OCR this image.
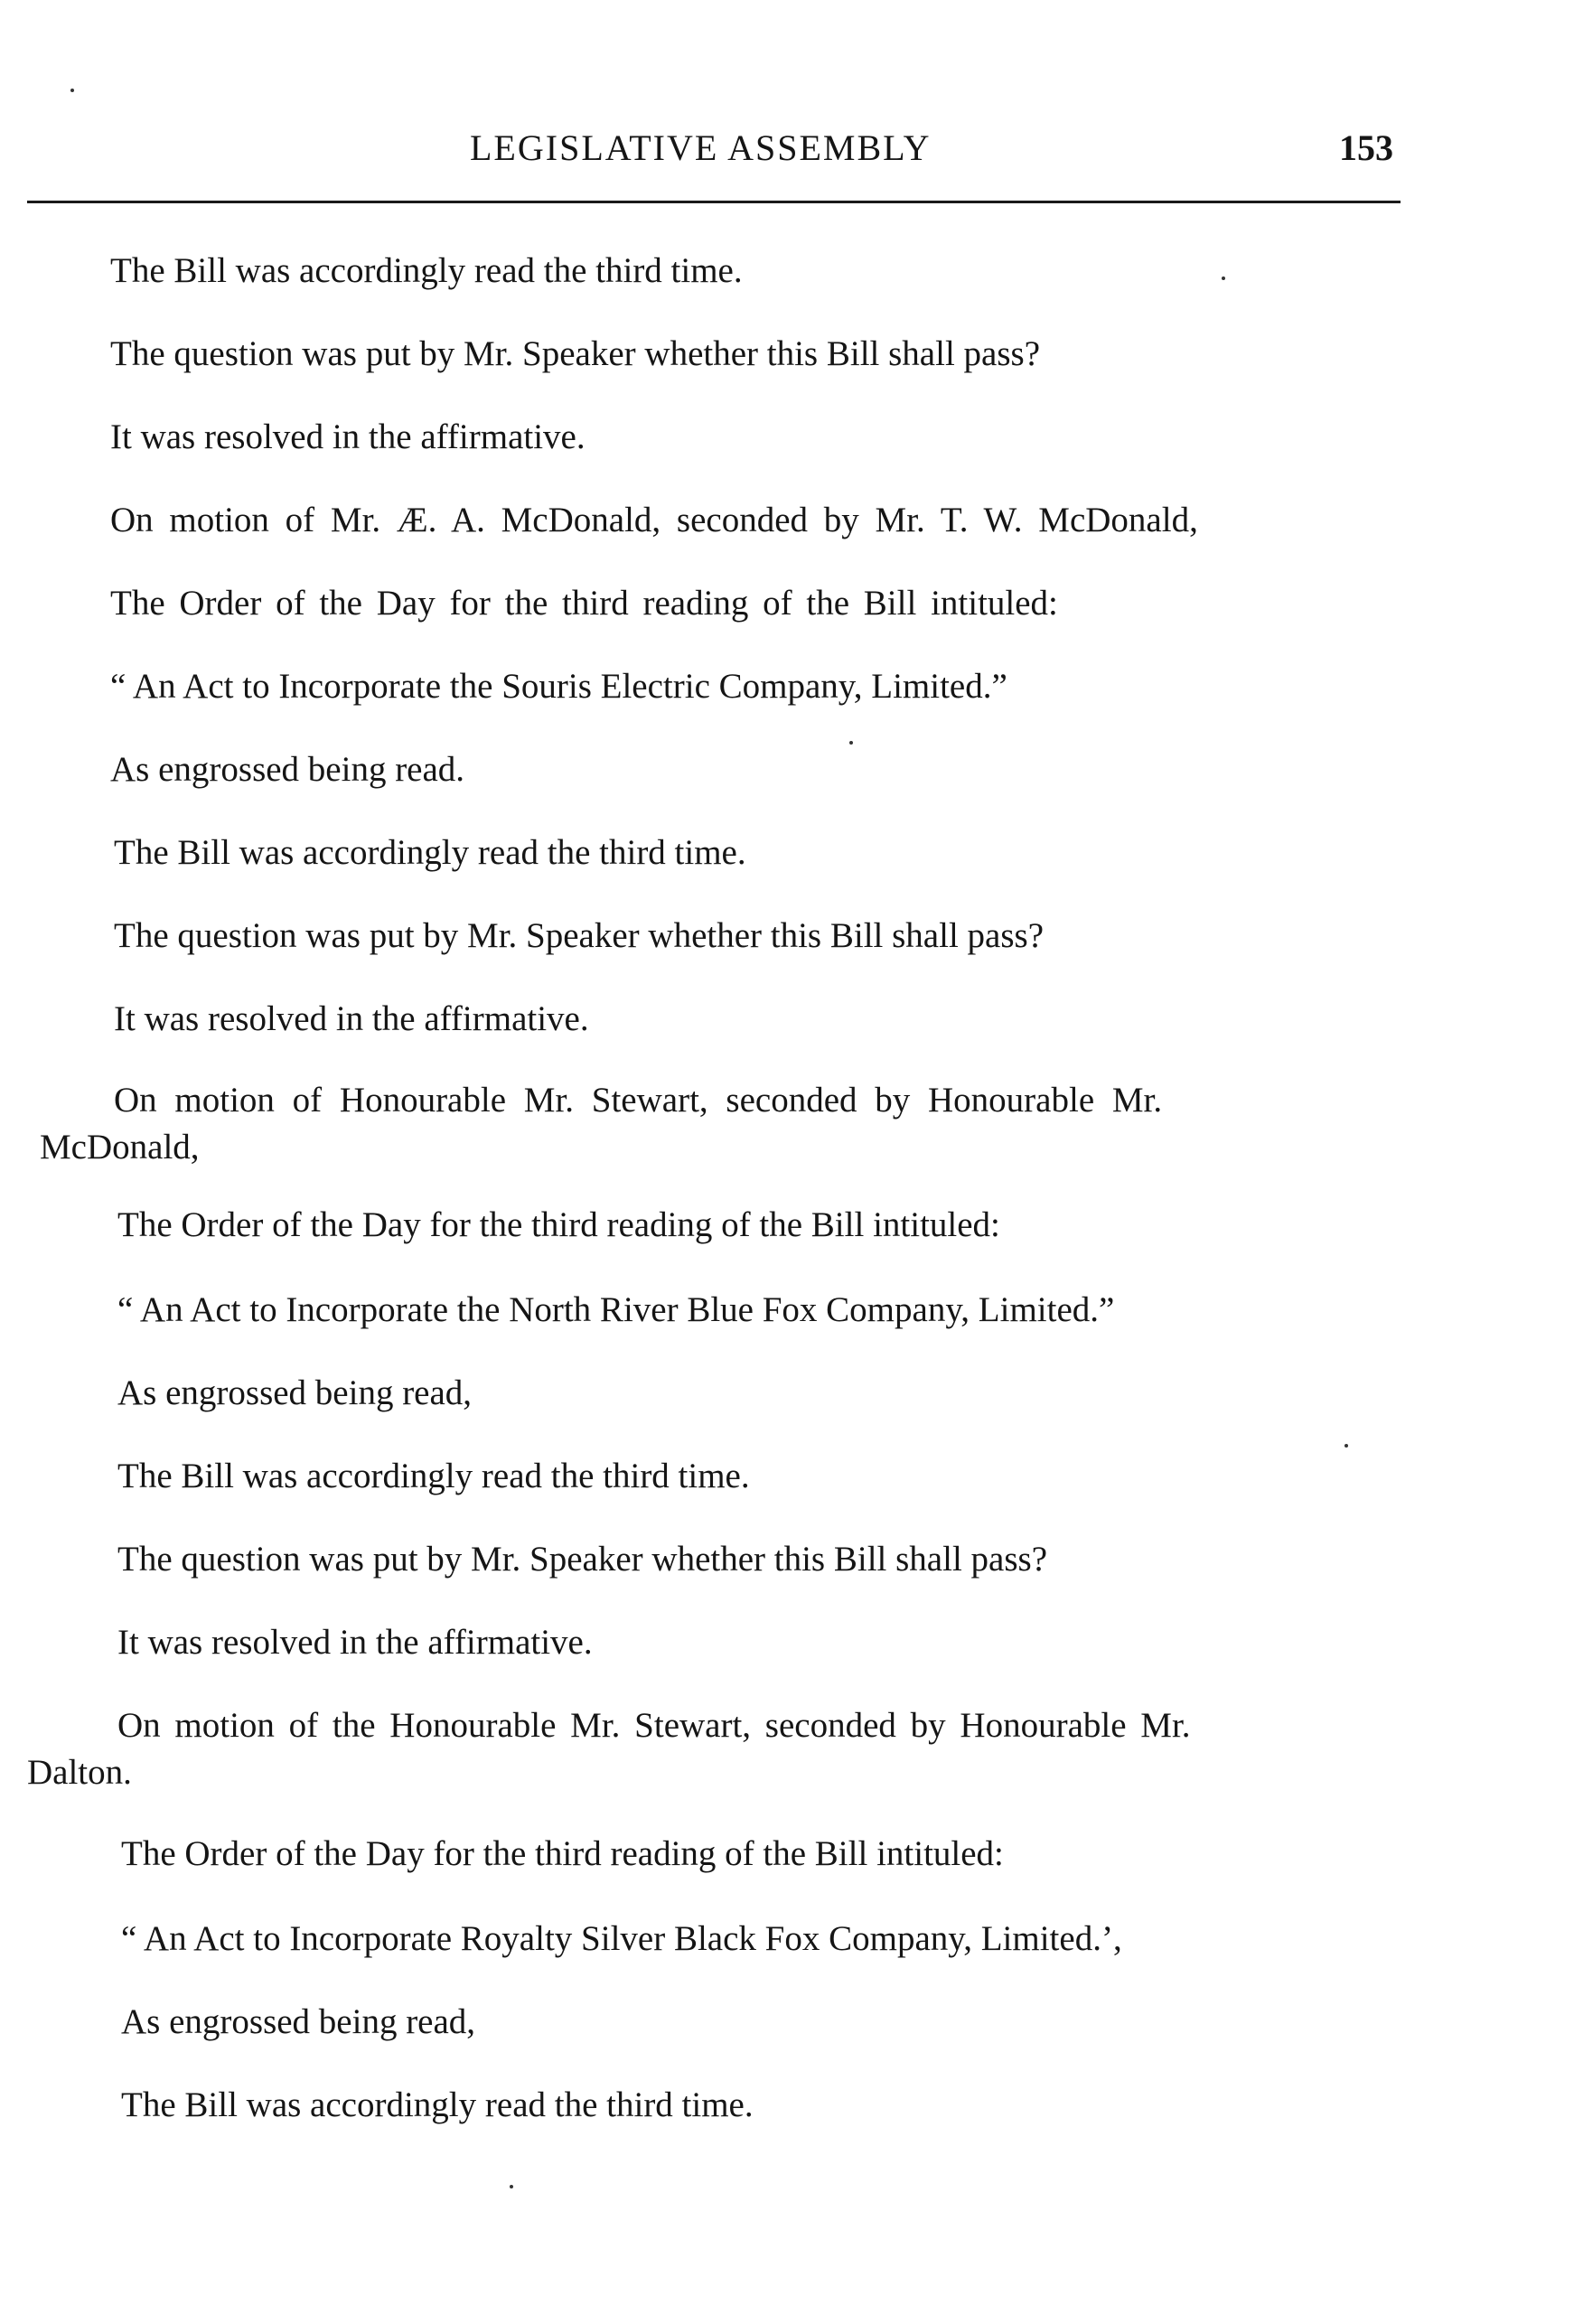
LEGISLATIVE ASSEMBLY	153
The Bill was accordingly read the third time.
The question was put by Mr. Speaker whether this Bill shall pass?
It was resolved in the affirmative.
On motion of Mr. Æ. A. McDonald, seconded by Mr. T. W. McDonald,
The Order of the Day for the third reading of the Bill intituled:
“ An Act to Incorporate the Souris Electric Company, Limited.”
As engrossed being read.
The Bill was accordingly read the third time.
The question was put by Mr. Speaker whether this Bill shall pass?
It was resolved in the affirmative.
On motion of Honourable Mr. Stewart, seconded by Honourable Mr.
McDonald,
The Order of the Day for the third reading of the Bill intituled:
“ An Act to Incorporate the North River Blue Fox Company, Limited.”
As engrossed being read,
The Bill was accordingly read the third time.
The question was put by Mr. Speaker whether this Bill shall pass?
It was resolved in the affirmative.
On motion of the Honourable Mr. Stewart, seconded by Honourable Mr.
Dalton.
The Order of the Day for the third reading of the Bill intituled:
“ An Act to Incorporate Royalty Silver Black Fox Company, Limited.’,
As engrossed being read,
The Bill was accordingly read the third time.
